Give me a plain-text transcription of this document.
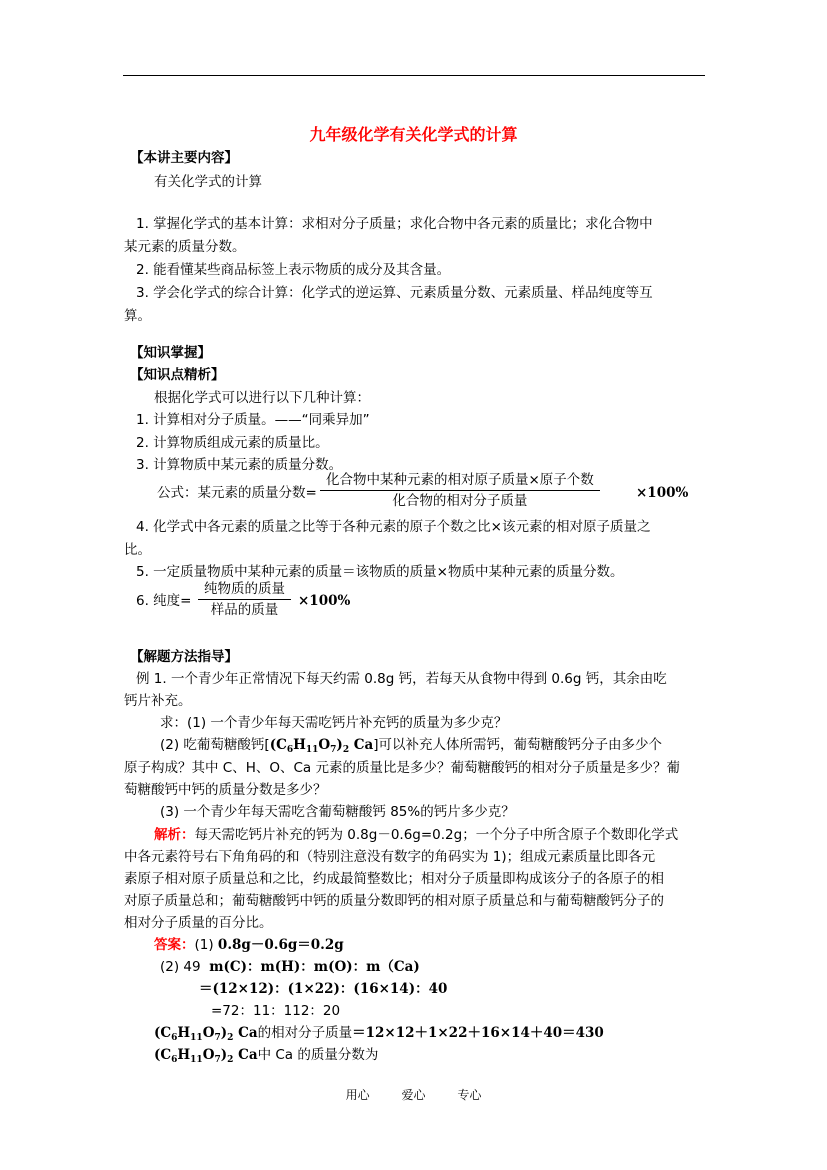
九年级化学有关化学式的计算
【本讲主要内容】
有关化学式的计算
1. 掌握化学式的基本计算：求相对分子质量；求化合物中各元素的质量比；求化合物中
某元素的质量分数。
2. 能看懂某些商品标签上表示物质的成分及其含量。
3. 学会化学式的综合计算：化学式的逆运算、元素质量分数、元素质量、样品纯度等互
算。
【知识掌握】
【知识点精析】
根据化学式可以进行以下几种计算：
1. 计算相对分子质量。——“同乘异加”
2. 计算物质组成元素的质量比。
3. 计算物质中某元素的质量分数。
公式：某元素的质量分数=
化合物中某种元素的相对原子质量×原子个数
化合物的相对分子质量	×100%
4. 化学式中各元素的质量之比等于各种元素的原子个数之比×该元素的相对原子质量之
比。
5. 一定质量物质中某种元素的质量＝该物质的质量×物质中某种元素的质量分数。
6. 纯度=
纯物质的质量
样品的质量
×100%
【解题方法指导】
例 1. 一个青少年正常情况下每天约需 0.8g 钙，若每天从食物中得到 0.6g 钙，其余由吃
钙片补充。
求：(1) 一个青少年每天需吃钙片补充钙的质量为多少克？
(2) 吃葡萄糖酸钙[$(C_6H_{11}O_7)_2$ Ca]可以补充人体所需钙，葡萄糖酸钙分子由多少个
原子构成？其中 C、H、O、Ca 元素的质量比是多少？葡萄糖酸钙的相对分子质量是多少？葡
萄糖酸钙中钙的质量分数是多少？
(3) 一个青少年每天需吃含葡萄糖酸钙 85%的钙片多少克？
解析：每天需吃钙片补充的钙为 0.8g－0.6g=0.2g；一个分子中所含原子个数即化学式
中各元素符号右下角角码的和（特别注意没有数字的角码实为 1)；组成元素质量比即各元
素原子相对原子质量总和之比，约成最简整数比；相对分子质量即构成该分子的各原子的相
对原子质量总和；葡萄糖酸钙中钙的质量分数即钙的相对原子质量总和与葡萄糖酸钙分子的
相对分子质量的百分比。
答案：(1) 0.8g－0.6g＝0.2g
(2) 49 m(C)：m(H)：m(O)：m（Ca)
＝(12×12)：(1×22)：(16×14)：40
=72：11：112：20
$(C_6H_{11}O_7)_2$ Ca的相对分子质量＝12×12＋1×22＋16×14＋40＝430
$(C_6H_{11}O_7)_2$ Ca中 Ca 的质量分数为
用心	爱心	专心
